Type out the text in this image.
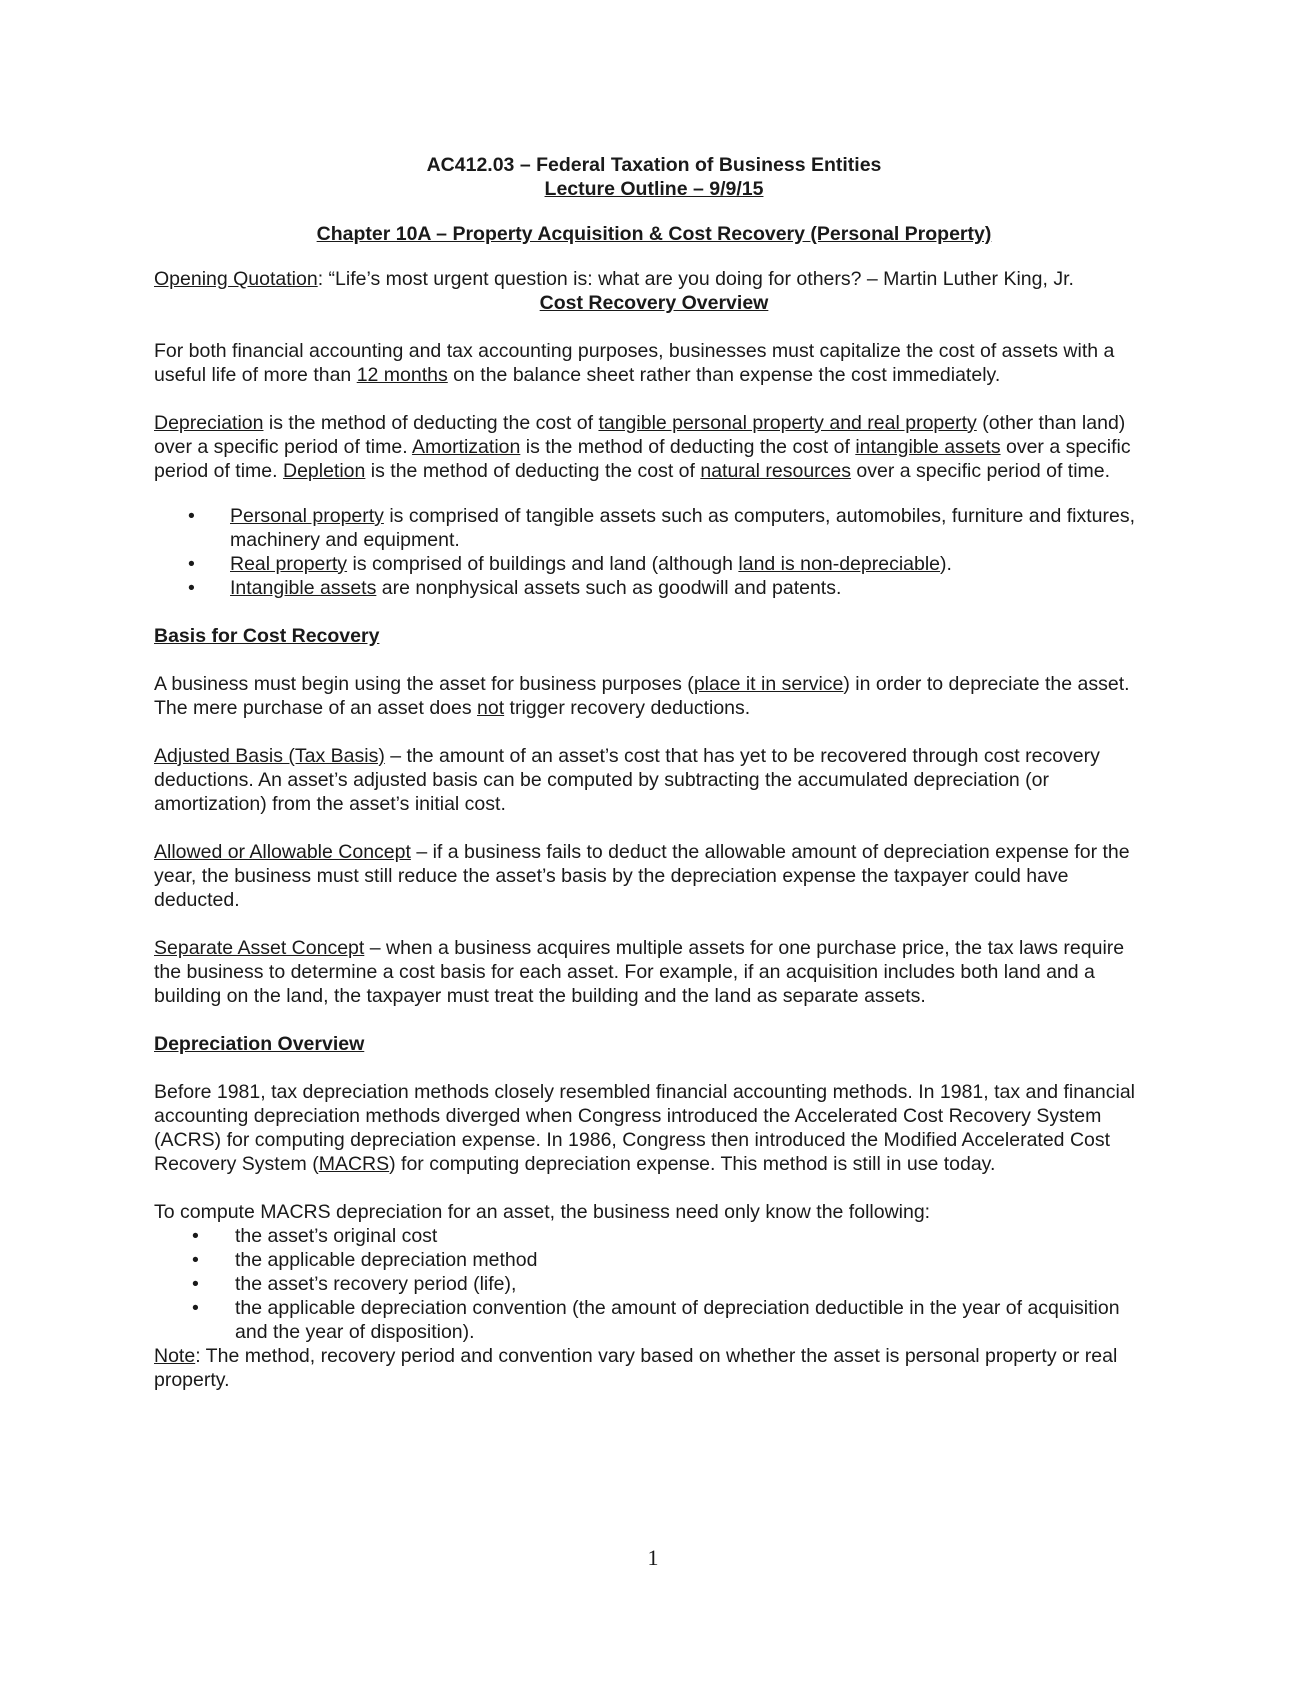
AC412.03 – Federal Taxation of Business Entities
Lecture Outline – 9/9/15
Chapter 10A – Property Acquisition & Cost Recovery (Personal Property)

Opening Quotation: “Life’s most urgent question is: what are you doing for others? – Martin Luther King, Jr.

Cost Recovery Overview

For both financial accounting and tax accounting purposes, businesses must capitalize the cost of assets with a useful life of more than 12 months on the balance sheet rather than expense the cost immediately.

Depreciation is the method of deducting the cost of tangible personal property and real property (other than land) over a specific period of time. Amortization is the method of deducting the cost of intangible assets over a specific period of time. Depletion is the method of deducting the cost of natural resources over a specific period of time.

• Personal property is comprised of tangible assets such as computers, automobiles, furniture and fixtures, machinery and equipment.
• Real property is comprised of buildings and land (although land is non-depreciable).
• Intangible assets are nonphysical assets such as goodwill and patents.
Basis for Cost Recovery

A business must begin using the asset for business purposes (place it in service) in order to depreciate the asset. The mere purchase of an asset does not trigger recovery deductions.

Adjusted Basis (Tax Basis) – the amount of an asset’s cost that has yet to be recovered through cost recovery deductions. An asset’s adjusted basis can be computed by subtracting the accumulated depreciation (or amortization) from the asset’s initial cost.

Allowed or Allowable Concept – if a business fails to deduct the allowable amount of depreciation expense for the year, the business must still reduce the asset’s basis by the depreciation expense the taxpayer could have deducted.

Separate Asset Concept – when a business acquires multiple assets for one purchase price, the tax laws require the business to determine a cost basis for each asset. For example, if an acquisition includes both land and a building on the land, the taxpayer must treat the building and the land as separate assets.

Depreciation Overview

Before 1981, tax depreciation methods closely resembled financial accounting methods. In 1981, tax and financial accounting depreciation methods diverged when Congress introduced the Accelerated Cost Recovery System (ACRS) for computing depreciation expense. In 1986, Congress then introduced the Modified Accelerated Cost Recovery System (MACRS) for computing depreciation expense. This method is still in use today.

To compute MACRS depreciation for an asset, the business need only know the following:

• the asset’s original cost
• the applicable depreciation method
• the asset’s recovery period (life),
• the applicable depreciation convention (the amount of depreciation deductible in the year of acquisition and the year of disposition).

Note: The method, recovery period and convention vary based on whether the asset is personal property or real property.

1
